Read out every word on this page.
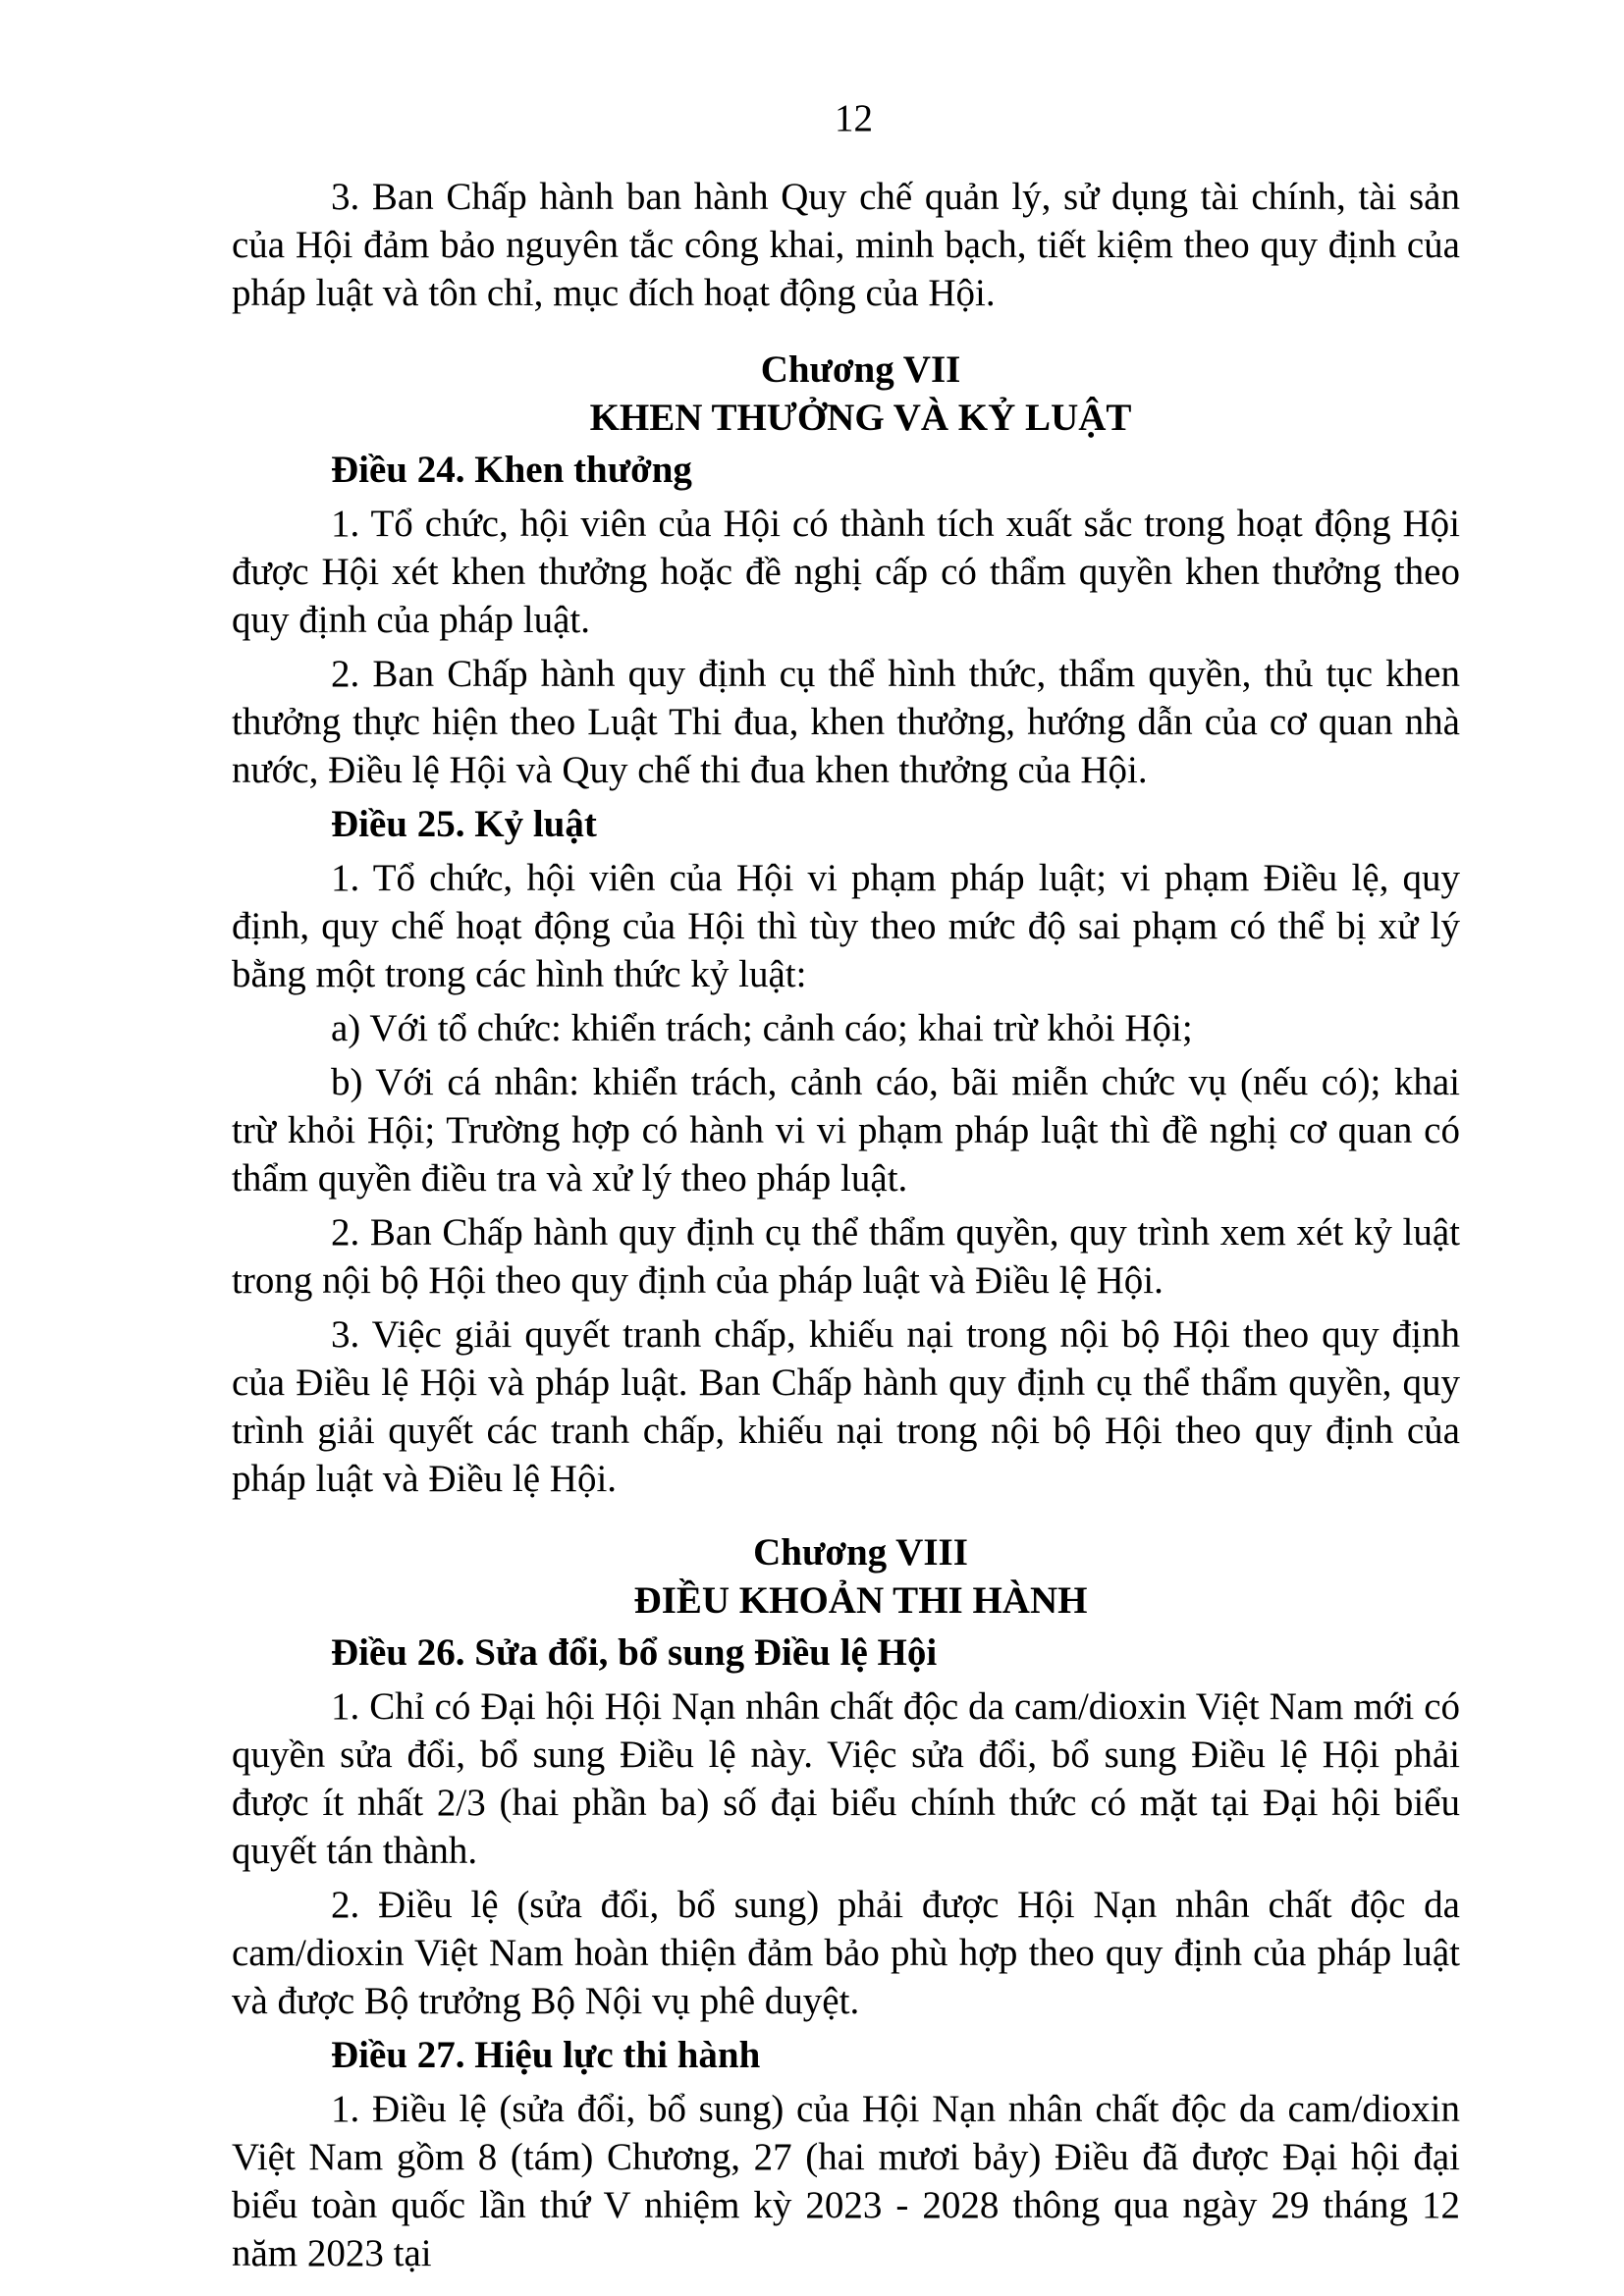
12

3. Ban Chấp hành ban hành Quy chế quản lý, sử dụng tài chính, tài sản của Hội đảm bảo nguyên tắc công khai, minh bạch, tiết kiệm theo quy định của pháp luật và tôn chỉ, mục đích hoạt động của Hội.

Chương VII
KHEN THƯỞNG VÀ KỶ LUẬT
Điều 24. Khen thưởng

1. Tổ chức, hội viên của Hội có thành tích xuất sắc trong hoạt động Hội được Hội xét khen thưởng hoặc đề nghị cấp có thẩm quyền khen thưởng theo quy định của pháp luật.

2. Ban Chấp hành quy định cụ thể hình thức, thẩm quyền, thủ tục khen thưởng thực hiện theo Luật Thi đua, khen thưởng, hướng dẫn của cơ quan nhà nước, Điều lệ Hội và Quy chế thi đua khen thưởng của Hội.

Điều 25. Kỷ luật

1. Tổ chức, hội viên của Hội vi phạm pháp luật; vi phạm Điều lệ, quy định, quy chế hoạt động của Hội thì tùy theo mức độ sai phạm có thể bị xử lý bằng một trong các hình thức kỷ luật:

a) Với tổ chức: khiển trách; cảnh cáo; khai trừ khỏi Hội;

b) Với cá nhân: khiển trách, cảnh cáo, bãi miễn chức vụ (nếu có); khai trừ khỏi Hội; Trường hợp có hành vi vi phạm pháp luật thì đề nghị cơ quan có thẩm quyền điều tra và xử lý theo pháp luật.

2. Ban Chấp hành quy định cụ thể thẩm quyền, quy trình xem xét kỷ luật trong nội bộ Hội theo quy định của pháp luật và Điều lệ Hội.

3. Việc giải quyết tranh chấp, khiếu nại trong nội bộ Hội theo quy định của Điều lệ Hội và pháp luật. Ban Chấp hành quy định cụ thể thẩm quyền, quy trình giải quyết các tranh chấp, khiếu nại trong nội bộ Hội theo quy định của pháp luật và Điều lệ Hội.

Chương VIII
ĐIỀU KHOẢN THI HÀNH
Điều 26. Sửa đổi, bổ sung Điều lệ Hội

1. Chỉ có Đại hội Hội Nạn nhân chất độc da cam/dioxin Việt Nam mới có quyền sửa đổi, bổ sung Điều lệ này. Việc sửa đổi, bổ sung Điều lệ Hội phải được ít nhất 2/3 (hai phần ba) số đại biểu chính thức có mặt tại Đại hội biểu quyết tán thành.

2. Điều lệ (sửa đổi, bổ sung) phải được Hội Nạn nhân chất độc da cam/dioxin Việt Nam hoàn thiện đảm bảo phù hợp theo quy định của pháp luật và được Bộ trưởng Bộ Nội vụ phê duyệt.

Điều 27. Hiệu lực thi hành

1. Điều lệ (sửa đổi, bổ sung) của Hội Nạn nhân chất độc da cam/dioxin Việt Nam gồm 8 (tám) Chương, 27 (hai mươi bảy) Điều đã được Đại hội đại biểu toàn quốc lần thứ V nhiệm kỳ 2023 - 2028 thông qua ngày 29 tháng 12 năm 2023 tại
